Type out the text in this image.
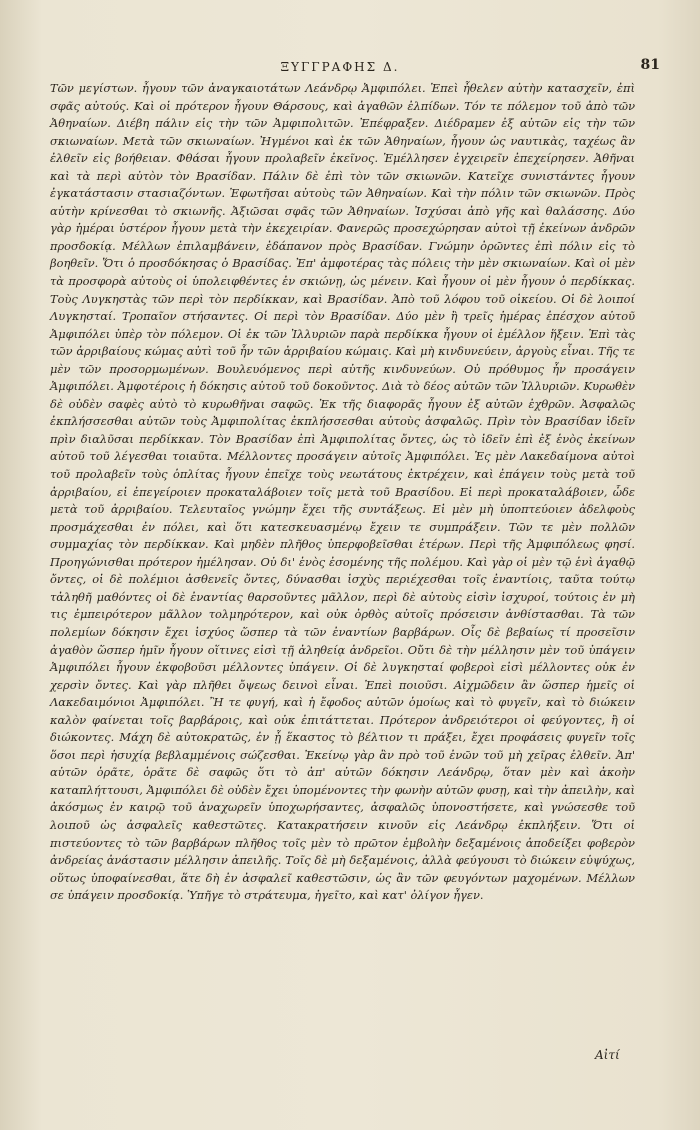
ΞΥΓΓΡΑΦΗΣ Δ.	81

Τῶν μεγίστων. ἦγουν τῶν ἀναγκαιοτάτων Λεάνδρῳ Ἀμφιπόλει. Ἐπεὶ ἦθελεν αὐτὴν κατασχεῖν, ἐπὶ σφᾶς αὐτούς. Καὶ οἱ πρότερον ἦγουν Θάρσους, καὶ ἀγαθῶν ἐλπίδων. Τόν τε πόλεμον τοῦ ἀπὸ τῶν Ἀθηναίων. Διέβη πάλιν εἰς τὴν τῶν Ἀμφιπολιτῶν. Ἐπέφραξεν. Διέδραμεν ἐξ αὐτῶν εἰς τὴν τῶν σκιωναίων. Μετὰ τῶν σκιωναίων. Ἠγμένοι καὶ ἐκ τῶν Ἀθηναίων, ἦγουν ὡς ναυτικὰς, ταχέως ἂν ἐλθεῖν εἰς βοήθειαν. Φθάσαι ἦγουν προλαβεῖν ἐκεῖνος. Ἐμέλλησεν ἐγχειρεῖν ἐπεχείρησεν. Ἀθῆναι καὶ τὰ περὶ αὐτὸν τὸν Βρασίδαν. Πάλιν δὲ ἐπὶ τὸν τῶν σκιωνῶν. Κατεῖχε συνιστάντες ἦγουν ἐγκατάστασιν στασιαζόντων. Ἐφωτῆσαι αὐτοὺς τῶν Ἀθηναίων. Καὶ τὴν πόλιν τῶν σκιωνῶν. Πρὸς αὐτὴν κρίνεσθαι τὸ σκιωνῆς. Ἀξιῶσαι σφᾶς τῶν Ἀθηναίων. Ἰσχύσαι ἀπὸ γῆς καὶ θαλάσσης. Δύο γὰρ ἡμέραι ὑστέρον ἦγουν μετὰ τὴν ἐκεχειρίαν. Φανερῶς προσεχώρησαν αὐτοὶ τῇ ἐκείνων ἀνδρῶν προσδοκίᾳ. Μέλλων ἐπιλαμβάνειν, ἐδάπανον πρὸς Βρασίδαν. Γνώμην ὀρῶντες ἐπὶ πόλιν εἰς τὸ βοηθεῖν. Ὅτι ὁ προσδόκησας ὁ Βρασίδας. Ἐπ' ἀμφοτέρας τὰς πόλεις τὴν μὲν σκιωναίων. Καὶ οἱ μὲν τὰ προσφορὰ αὐτοὺς οἱ ὑπολειφθέντες ἐν σκιώνῃ, ὡς μένειν. Καὶ ἦγουν οἱ μὲν ἦγουν ὁ περδίκκας. Τοὺς Λυγκηστὰς τῶν περὶ τὸν περδίκκαν, καὶ Βρασίδαν. Ἀπὸ τοῦ λόφου τοῦ οἰκείου. Οἱ δὲ λοιποί Λυγκησταί. Τροπαῖον στήσαντες. Οἱ περὶ τὸν Βρασίδαν. Δύο μὲν ἢ τρεῖς ἡμέρας ἐπέσχον αὐτοῦ Ἀμφιπόλει ὑπὲρ τὸν πόλεμον. Οἱ ἐκ τῶν Ἰλλυριῶν παρὰ περδίκκα ἦγουν οἱ ἐμέλλον ἥξειν. Ἐπὶ τὰς τῶν ἀρριβαίους κώμας αὐτὶ τοῦ ἦν τῶν ἀρριβαίου κώμαις. Καὶ μὴ κινδυνεύειν, ἀργοὺς εἶναι. Τῆς τε μὲν τῶν προσορμωμένων. Βουλευόμενος περὶ αὐτῆς κινδυνεύων. Οὐ πρόθυμος ἦν προσάγειν Ἀμφιπόλει. Ἀμφοτέροις ἡ δόκησις αὐτοῦ τοῦ δοκοῦντος. Διὰ τὸ δέος αὐτῶν τῶν Ἰλλυριῶν. Κυρωθὲν δὲ οὐδὲν σαφὲς αὐτὸ τὸ κυρωθῆναι σαφῶς. Ἐκ τῆς διαφορᾶς ἦγουν ἐξ αὐτῶν ἐχθρῶν. Ἀσφαλῶς ἐκπλήσσεσθαι αὐτῶν τοὺς Ἀμφιπολίτας ἐκπλήσσεσθαι αὐτοὺς ἀσφαλῶς. Πρὶν τὸν Βρασίδαν ἰδεῖν πρὶν διαλῦσαι περδίκκαν. Τὸν Βρασίδαν ἐπὶ Ἀμφιπολίτας ὄντες, ὡς τὸ ἰδεῖν ἐπὶ ἐξ ἑνὸς ἐκείνων αὐτοῦ τοῦ λέγεσθαι τοιαῦτα. Μέλλοντες προσάγειν αὐτοῖς Ἀμφιπόλει. Ἐς μὲν Λακεδαίμονα αὐτοὶ τοῦ προλαβεῖν τοὺς ὁπλίτας ἦγουν ἐπεῖχε τοὺς νεωτάτους ἐκτρέχειν, καὶ ἐπάγειν τοὺς μετὰ τοῦ ἀρριβαίου, εἰ ἐπεγείροιεν προκαταλάβοιεν τοῖς μετὰ τοῦ Βρασίδου. Εἰ περὶ προκαταλάβοιεν, ὧδε μετὰ τοῦ ἀρριβαίου. Τελευταῖος γνώμην ἔχει τῆς συντάξεως. Εἰ μὲν μὴ ὑποπτεύοιεν ἀδελφοὺς προσμάχεσθαι ἐν πόλει, καὶ ὅτι κατεσκευασμένῳ ἔχειν τε συμπράξειν. Τῶν τε μὲν πολλῶν συμμαχίας τὸν περδίκκαν. Καὶ μηδὲν πλῆθος ὑπερφοβεῖσθαι ἑτέρων. Περὶ τῆς Ἀμφιπόλεως φησί. Προηγώνισθαι πρότερον ἠμέλησαν. Οὐ δι' ἑνὸς ἐσομένης τῆς πολέμου. Καὶ γὰρ οἱ μὲν τῷ ἑνὶ ἀγαθῷ ὄντες, οἱ δὲ πολέμιοι ἀσθενεῖς ὄντες, δύνασθαι ἰσχὺς περιέχεσθαι τοῖς ἐναντίοις, ταῦτα τούτῳ τἀληθῆ μαθόντες οἱ δὲ ἐναντίας θαρσοῦντες μᾶλλον, περὶ δὲ αὐτοὺς εἰσὶν ἰσχυροί, τούτοις ἐν μὴ τις ἐμπειρότερον μᾶλλον τολμηρότερον, καὶ οὐκ ὀρθὸς αὐτοῖς πρόσεισιν ἀνθίστασθαι. Τὰ τῶν πολεμίων δόκησιν ἔχει ἰσχύος ὥσπερ τὰ τῶν ἐναντίων βαρβάρων. Οἷς δὲ βεβαίως τί προσεῖσιν ἀγαθὸν ὥσπερ ἡμῖν ἦγουν οἵτινες εἰσὶ τῇ ἀληθείᾳ ἀνδρεῖοι. Οὔτι δὲ τὴν μέλλησιν μὲν τοῦ ὑπάγειν Ἀμφιπόλει ἦγουν ἐκφοβοῦσι μέλλοντες ὑπάγειν. Οἱ δὲ λυγκησταί φοβεροὶ εἰσὶ μέλλοντες οὐκ ἐν χερσὶν ὄντες. Καὶ γὰρ πλῆθει ὄψεως δεινοὶ εἶναι. Ἐπεὶ ποιοῦσι. Αἰχμῶδειν ἂν ὥσπερ ἡμεῖς οἱ Λακεδαιμόνιοι Ἀμφιπόλει. Ἢ τε φυγή, καὶ ἡ ἔφοδος αὐτῶν ὁμοίως καὶ τὸ φυγεῖν, καὶ τὸ διώκειν καλὸν φαίνεται τοῖς βαρβάροις, καὶ οὐκ ἐπιτάττεται. Πρότερον ἀνδρειότεροι οἱ φεύγοντες, ἢ οἱ διώκοντες. Μάχη δὲ αὐτοκρατῶς, ἐν ᾗ ἕκαστος τὸ βέλτιον τι πράξει, ἔχει προφάσεις φυγεῖν τοῖς ὅσοι περὶ ἡσυχίᾳ βεβλαμμένοις σώζεσθαι. Ἐκείνῳ γὰρ ἂν πρὸ τοῦ ἐνῶν τοῦ μὴ χεῖρας ἐλθεῖν. Ἀπ' αὐτῶν ὁρᾶτε, ὁρᾶτε δὲ σαφῶς ὅτι τὸ ἀπ' αὐτῶν δόκησιν Λεάνδρῳ, ὅταν μὲν καὶ ἀκοὴν καταπλήττουσι, Ἀμφιπόλει δὲ οὐδὲν ἔχει ὑπομένοντες τὴν φωνὴν αὐτῶν φυσῃ, καὶ τὴν ἀπειλὴν, καὶ ἀκόσμως ἐν καιρῷ τοῦ ἀναχωρεῖν ὑποχωρήσαντες, ἀσφαλῶς ὑπονοστήσετε, καὶ γνώσεσθε τοῦ λοιποῦ ὡς ἀσφαλεῖς καθεστῶτες. Κατακρατήσειν κινοῦν εἰς Λεάνδρῳ ἐκπλήξειν. Ὅτι οἱ πιστεύοντες τὸ τῶν βαρβάρων πλῆθος τοῖς μὲν τὸ πρῶτον ἐμβολὴν δεξαμένοις ἀποδείξει φοβερὸν ἀνδρείας ἀνάστασιν μέλλησιν ἀπειλῆς. Τοῖς δὲ μὴ δεξαμένοις, ἀλλὰ φεύγουσι τὸ διώκειν εὐψύχως, οὕτως ὑποφαίνεσθαι, ἅτε δὴ ἐν ἀσφαλεῖ καθεστῶσιν, ὡς ἂν τῶν φευγόντων μαχομένων. Μέλλων σε ὑπάγειν προσδοκίᾳ. Ὑπῆγε τὸ στράτευμα, ἡγεῖτο, καὶ κατ' ὀλίγον ἦγεν.

Αἰτί
